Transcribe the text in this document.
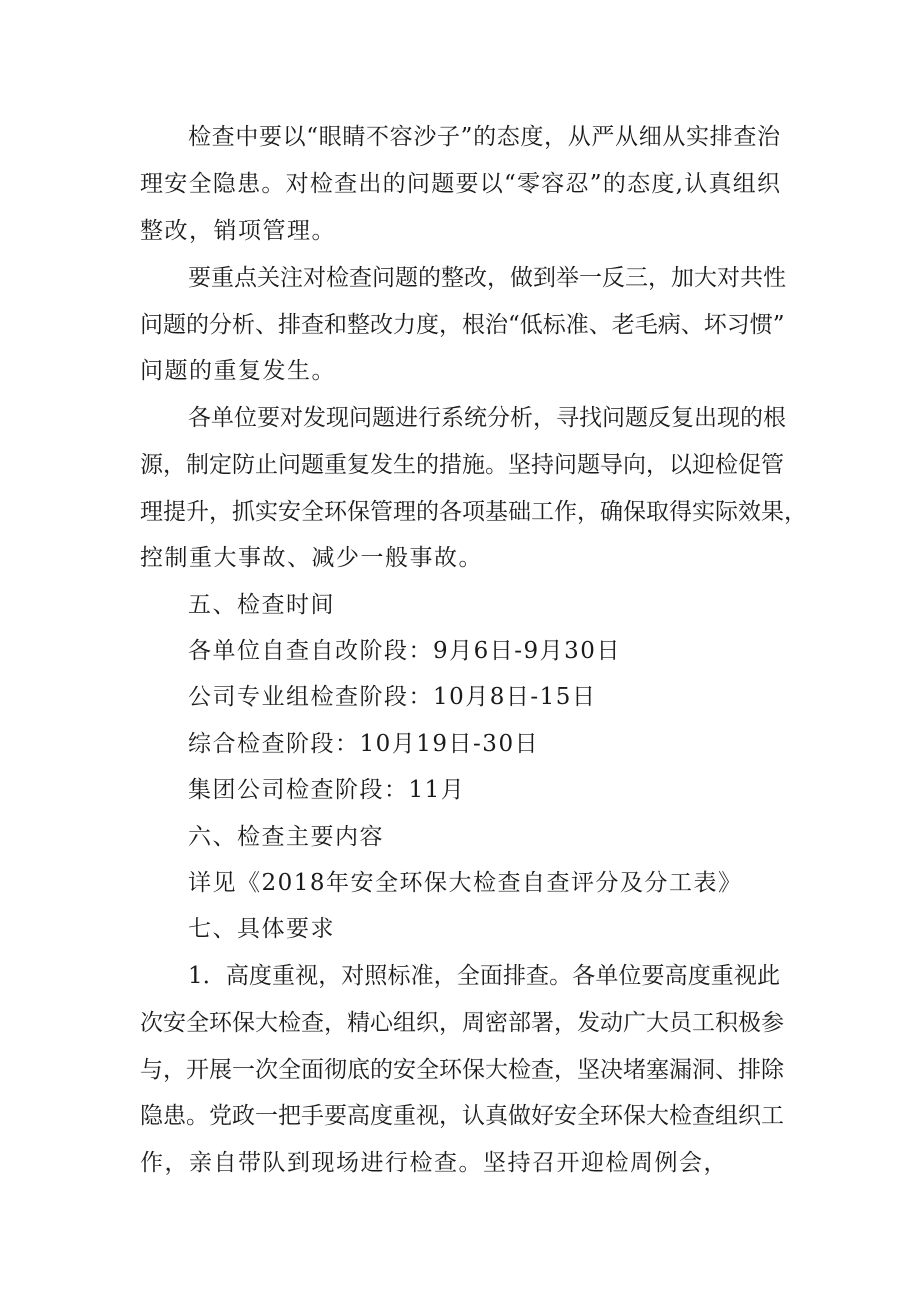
检查中要以“眼睛不容沙子”的态度，从严从细从实排查治
理安全隐患。对检查出的问题要以“零容忍”的态度,认真组织
整改，销项管理。
要重点关注对检查问题的整改，做到举一反三，加大对共性
问题的分析、排查和整改力度，根治“低标准、老毛病、坏习惯”
问题的重复发生。
各单位要对发现问题进行系统分析，寻找问题反复出现的根
源，制定防止问题重复发生的措施。坚持问题导向，以迎检促管
理提升，抓实安全环保管理的各项基础工作，确保取得实际效果，
控制重大事故、减少一般事故。
五、检查时间
各单位自查自改阶段：9月6日-9月30日
公司专业组检查阶段：10月8日-15日
综合检查阶段：10月19日-30日
集团公司检查阶段：11月
六、检查主要内容
详见《2018年安全环保大检查自查评分及分工表》
七、具体要求
1．高度重视，对照标准，全面排查。各单位要高度重视此
次安全环保大检查，精心组织，周密部署，发动广大员工积极参
与，开展一次全面彻底的安全环保大检查，坚决堵塞漏洞、排除
隐患。党政一把手要高度重视，认真做好安全环保大检查组织工
作，亲自带队到现场进行检查。坚持召开迎检周例会，
